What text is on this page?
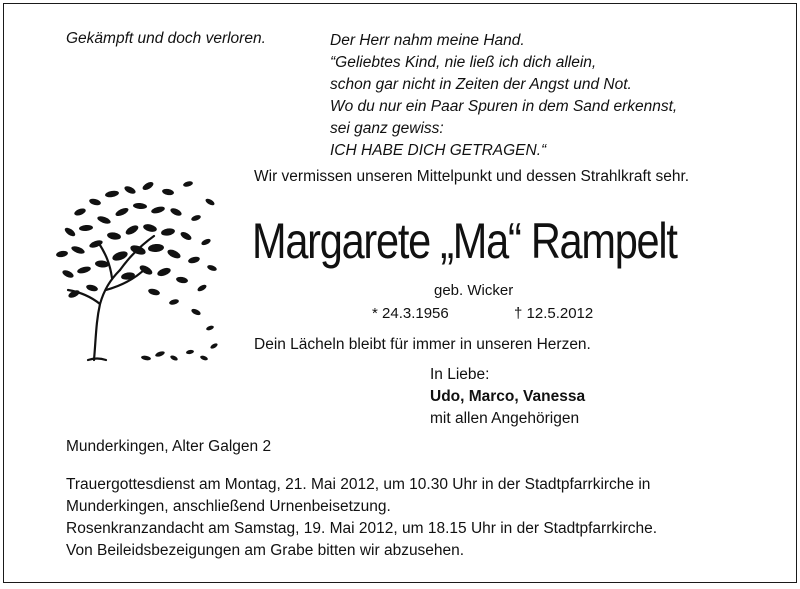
Gekämpft und doch verloren.	Der Herr nahm meine Hand.
“Geliebtes Kind, nie ließ ich dich allein,
schon gar nicht in Zeiten der Angst und Not.
Wo du nur ein Paar Spuren in dem Sand erkennst,
sei ganz gewiss:
ICH HABE DICH GETRAGEN.“
Wir vermissen unseren Mittelpunkt und dessen Strahlkraft sehr.
Margarete „Ma“ Rampelt
geb. Wicker
* 24.3.1956	† 12.5.2012
Dein Lächeln bleibt für immer in unseren Herzen.
In Liebe:
Udo, Marco, Vanessa
mit allen Angehörigen
Munderkingen, Alter Galgen 2
Trauergottesdienst am Montag, 21. Mai 2012, um 10.30 Uhr in der Stadtpfarrkirche in
Munderkingen, anschließend Urnenbeisetzung.
Rosenkranzandacht am Samstag, 19. Mai 2012, um 18.15 Uhr in der Stadtpfarrkirche.
Von Beileidsbezeigungen am Grabe bitten wir abzusehen.
